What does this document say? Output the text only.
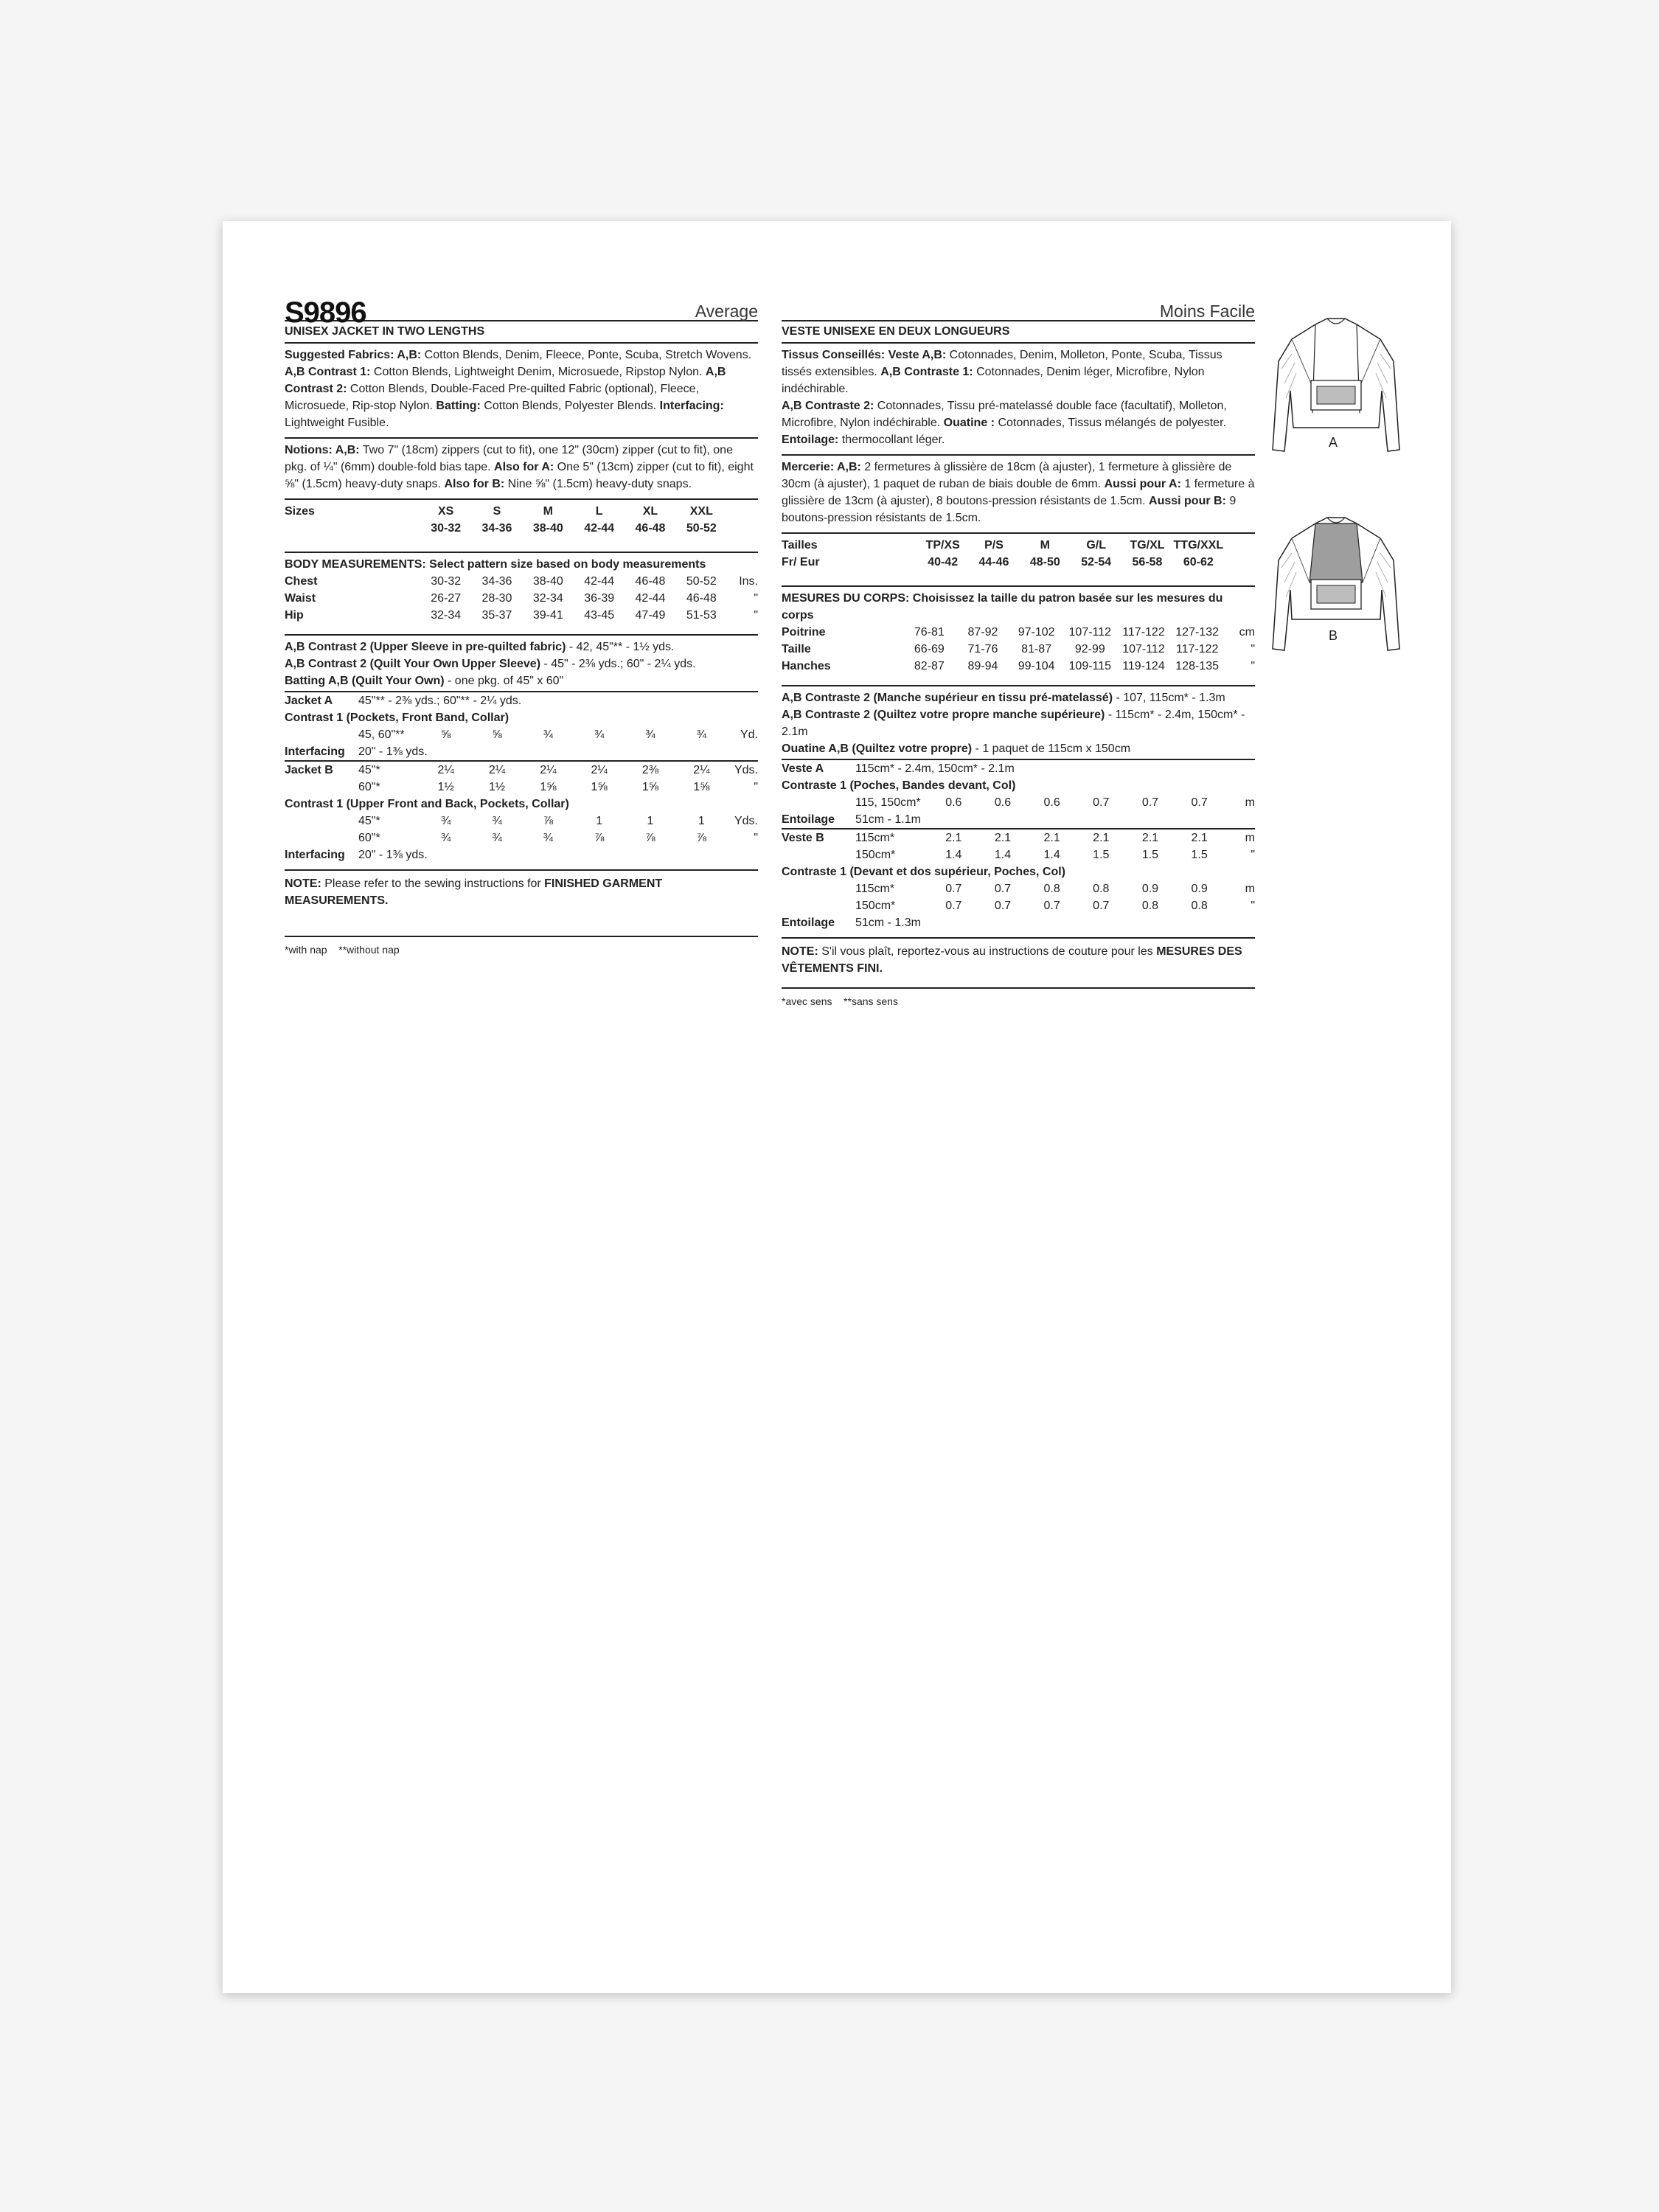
S9896	Average
UNISEX JACKET IN TWO LENGTHS

Suggested Fabrics: A,B: Cotton Blends, Denim, Fleece, Ponte, Scuba, Stretch Wovens.
A,B Contrast 1: Cotton Blends, Lightweight Denim, Microsuede, Ripstop Nylon. A,B Contrast 2: Cotton Blends, Double-Faced Pre-quilted Fabric (optional), Fleece, Microsuede, Rip-stop Nylon. Batting: Cotton Blends, Polyester Blends. Interfacing: Lightweight Fusible.

Notions: A,B: Two 7" (18cm) zippers (cut to fit), one 12" (30cm) zipper (cut to fit), one pkg. of ¼" (6mm) double-fold bias tape. Also for A: One 5" (13cm) zipper (cut to fit), eight ⅝" (1.5cm) heavy-duty snaps. Also for B: Nine ⅝" (1.5cm) heavy-duty snaps.

Sizes		XS	S	M	L	XL	XXL	
		30-32	34-36	38-40	42-44	46-48	50-52	
BODY MEASUREMENTS: Select pattern size based on body measurements
Chest		30-32	34-36	38-40	42-44	46-48	50-52	Ins.
Waist		26-27	28-30	32-34	36-39	42-44	46-48	"
Hip		32-34	35-37	39-41	43-45	47-49	51-53	"
A,B Contrast 2 (Upper Sleeve in pre-quilted fabric) - 42, 45"** - 1½ yds.
A,B Contrast 2 (Quilt Your Own Upper Sleeve) - 45" - 2⅜ yds.; 60" - 2¼ yds.
Batting A,B (Quilt Your Own) - one pkg. of 45" x 60"
Jacket A	45"** - 2⅜ yds.; 60"** - 2¼ yds.							
Contrast 1 (Pockets, Front Band, Collar)								
	45, 60"**	⅝	⅝	¾	¾	¾	¾	Yd.
Interfacing	20" - 1⅜ yds.							
Jacket B	45"*	2¼	2¼	2¼	2¼	2⅜	2¼	Yds.
	60"*	1½	1½	1⅝	1⅝	1⅝	1⅝	"
Contrast 1 (Upper Front and Back, Pockets, Collar)								
	45"*	¾	¾	⅞	1	1	1	Yds.
	60"*	¾	¾	¾	⅞	⅞	⅞	"
Interfacing	20" - 1⅜ yds.							
NOTE: Please refer to the sewing instructions for FINISHED GARMENT MEASUREMENTS.
*with nap    **without nap
Moins Facile
VESTE UNISEXE EN DEUX LONGUEURS

Tissus Conseillés: Veste A,B: Cotonnades, Denim, Molleton, Ponte, Scuba, Tissus tissés extensibles. A,B Contraste 1: Cotonnades, Denim léger, Microfibre, Nylon indéchirable.
A,B Contraste 2: Cotonnades, Tissu pré-matelassé double face (facultatif), Molleton, Microfibre, Nylon indéchirable. Ouatine : Cotonnades, Tissus mélangés de polyester. Entoilage: thermocollant léger.

Mercerie: A,B: 2 fermetures à glissière de 18cm (à ajuster), 1 fermeture à glissière de 30cm (à ajuster), 1 paquet de ruban de biais double de 6mm. Aussi pour A: 1 fermeture à glissière de 13cm (à ajuster), 8 boutons-pression résistants de 1.5cm. Aussi pour B: 9 boutons-pression résistants de 1.5cm.

Tailles		TP/XS	P/S	M	G/L	TG/XL	TTG/XXL	
Fr/ Eur		40-42	44-46	48-50	52-54	56-58	60-62	
MESURES DU CORPS: Choisissez la taille du patron basée sur les mesures du corps
Poitrine		76-81	87-92	97-102	107-112	117-122	127-132	cm
Taille		66-69	71-76	81-87	92-99	107-112	117-122	"
Hanches		82-87	89-94	99-104	109-115	119-124	128-135	"
A,B Contraste 2 (Manche supérieur en tissu pré-matelassé) - 107, 115cm* - 1.3m
A,B Contraste 2 (Quiltez votre propre manche supérieure) - 115cm* - 2.4m, 150cm* - 2.1m
Ouatine A,B (Quiltez votre propre) - 1 paquet de 115cm x 150cm
Veste A	115cm* - 2.4m, 150cm* - 2.1m							
Contraste 1 (Poches, Bandes devant, Col)								
	115, 150cm*	0.6	0.6	0.6	0.7	0.7	0.7	m
Entoilage	51cm - 1.1m							
Veste B	115cm*	2.1	2.1	2.1	2.1	2.1	2.1	m
	150cm*	1.4	1.4	1.4	1.5	1.5	1.5	"
Contraste 1 (Devant et dos supérieur, Poches, Col)								
	115cm*	0.7	0.7	0.8	0.8	0.9	0.9	m
	150cm*	0.7	0.7	0.7	0.7	0.8	0.8	"
Entoilage	51cm - 1.3m							
NOTE: S'il vous plaît, reportez-vous au instructions de couture pour les MESURES DES VÊTEMENTS FINI.
*avec sens    **sans sens
A
B
